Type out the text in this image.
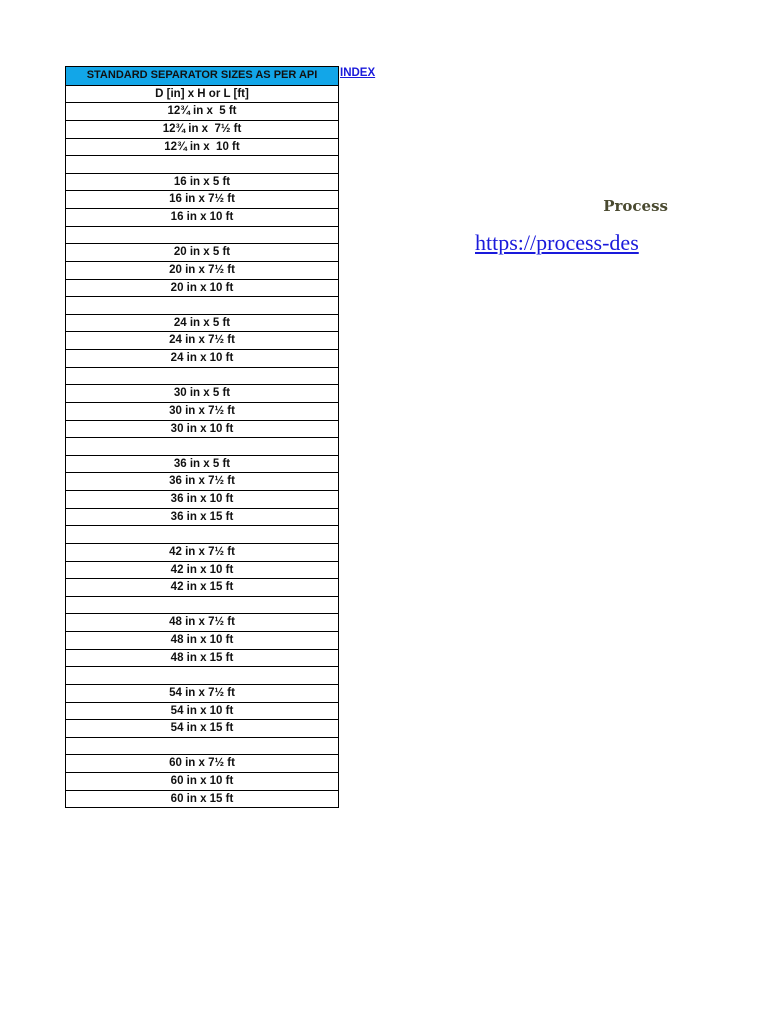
STANDARD SEPARATOR SIZES AS PER API
D [in] x H or L [ft]
12¾ in x  5 ft
12¾ in x  7½ ft
12¾ in x  10 ft
16 in x 5 ft
16 in x 7½ ft
16 in x 10 ft
20 in x 5 ft
20 in x 7½ ft
20 in x 10 ft
24 in x 5 ft
24 in x 7½ ft
24 in x 10 ft
30 in x 5 ft
30 in x 7½ ft
30 in x 10 ft
36 in x 5 ft
36 in x 7½ ft
36 in x 10 ft
36 in x 15 ft
42 in x 7½ ft
42 in x 10 ft
42 in x 15 ft
48 in x 7½ ft
48 in x 10 ft
48 in x 15 ft
54 in x 7½ ft
54 in x 10 ft
54 in x 15 ft
60 in x 7½ ft
60 in x 10 ft
60 in x 15 ft
INDEX
Process
https://process-des
